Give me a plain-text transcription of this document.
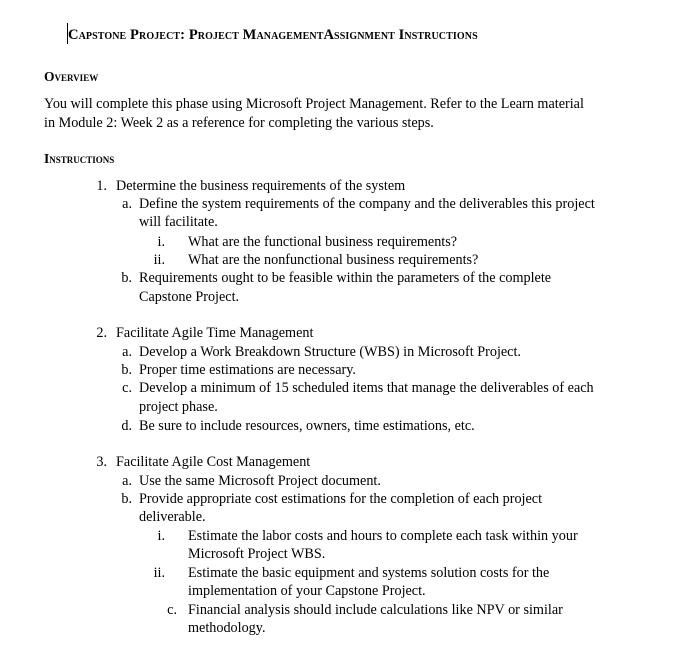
Capstone Project: Project ManagementAssignment Instructions
Overview
You will complete this phase using Microsoft Project Management. Refer to the Learn material
in Module 2: Week 2 as a reference for completing the various steps.
Instructions
1. Determine the business requirements of the system
a. Define the system requirements of the company and the deliverables this project
will facilitate.
i. What are the functional business requirements?
ii. What are the nonfunctional business requirements?
b. Requirements ought to be feasible within the parameters of the complete
Capstone Project.
2. Facilitate Agile Time Management
a. Develop a Work Breakdown Structure (WBS) in Microsoft Project.
b. Proper time estimations are necessary.
c. Develop a minimum of 15 scheduled items that manage the deliverables of each
project phase.
d. Be sure to include resources, owners, time estimations, etc.
3. Facilitate Agile Cost Management
a. Use the same Microsoft Project document.
b. Provide appropriate cost estimations for the completion of each project
deliverable.
i. Estimate the labor costs and hours to complete each task within your
Microsoft Project WBS.
ii. Estimate the basic equipment and systems solution costs for the
implementation of your Capstone Project.
c. Financial analysis should include calculations like NPV or similar
methodology.
